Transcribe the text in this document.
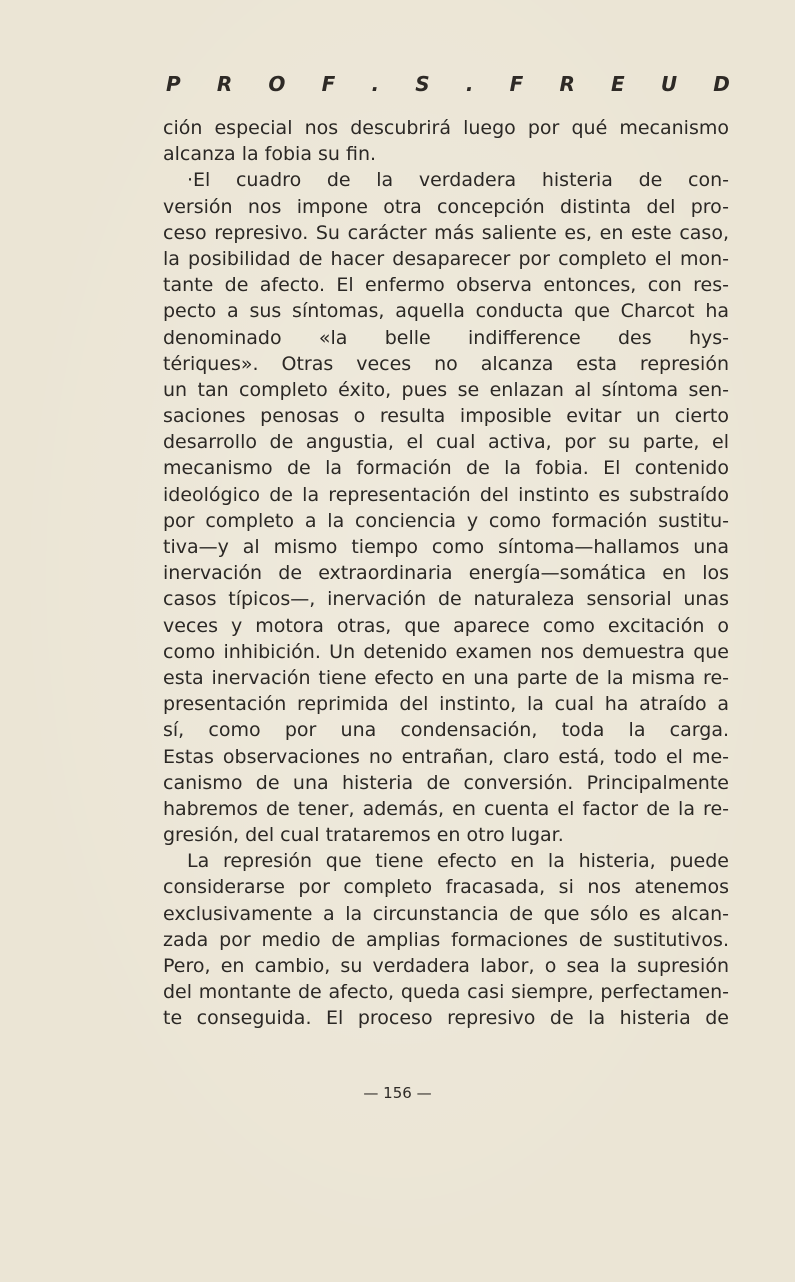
P R O F . S . F R E U D
ción especial nos descubrirá luego por qué mecanismo
alcanza la fobia su fin.
·El cuadro de la verdadera histeria de con-
versión nos impone otra concepción distinta del pro-
ceso represivo. Su carácter más saliente es, en este caso,
la posibilidad de hacer desaparecer por completo el mon-
tante de afecto. El enfermo observa entonces, con res-
pecto a sus síntomas, aquella conducta que Charcot ha
denominado «la belle indifference des hys-
tériques». Otras veces no alcanza esta represión
un tan completo éxito, pues se enlazan al síntoma sen-
saciones penosas o resulta imposible evitar un cierto
desarrollo de angustia, el cual activa, por su parte, el
mecanismo de la formación de la fobia. El contenido
ideológico de la representación del instinto es substraído
por completo a la conciencia y como formación sustitu-
tiva—y al mismo tiempo como síntoma—hallamos una
inervación de extraordinaria energía—somática en los
casos típicos—, inervación de naturaleza sensorial unas
veces y motora otras, que aparece como excitación o
como inhibición. Un detenido examen nos demuestra que
esta inervación tiene efecto en una parte de la misma re-
presentación reprimida del instinto, la cual ha atraído a
sí, como por una condensación, toda la carga.
Estas observaciones no entrañan, claro está, todo el me-
canismo de una histeria de conversión. Principalmente
habremos de tener, además, en cuenta el factor de la re-
gresión, del cual trataremos en otro lugar.
La represión que tiene efecto en la histeria, puede
considerarse por completo fracasada, si nos atenemos
exclusivamente a la circunstancia de que sólo es alcan-
zada por medio de amplias formaciones de sustitutivos.
Pero, en cambio, su verdadera labor, o sea la supresión
del montante de afecto, queda casi siempre, perfectamen-
te conseguida. El proceso represivo de la histeria de
— 156 —
